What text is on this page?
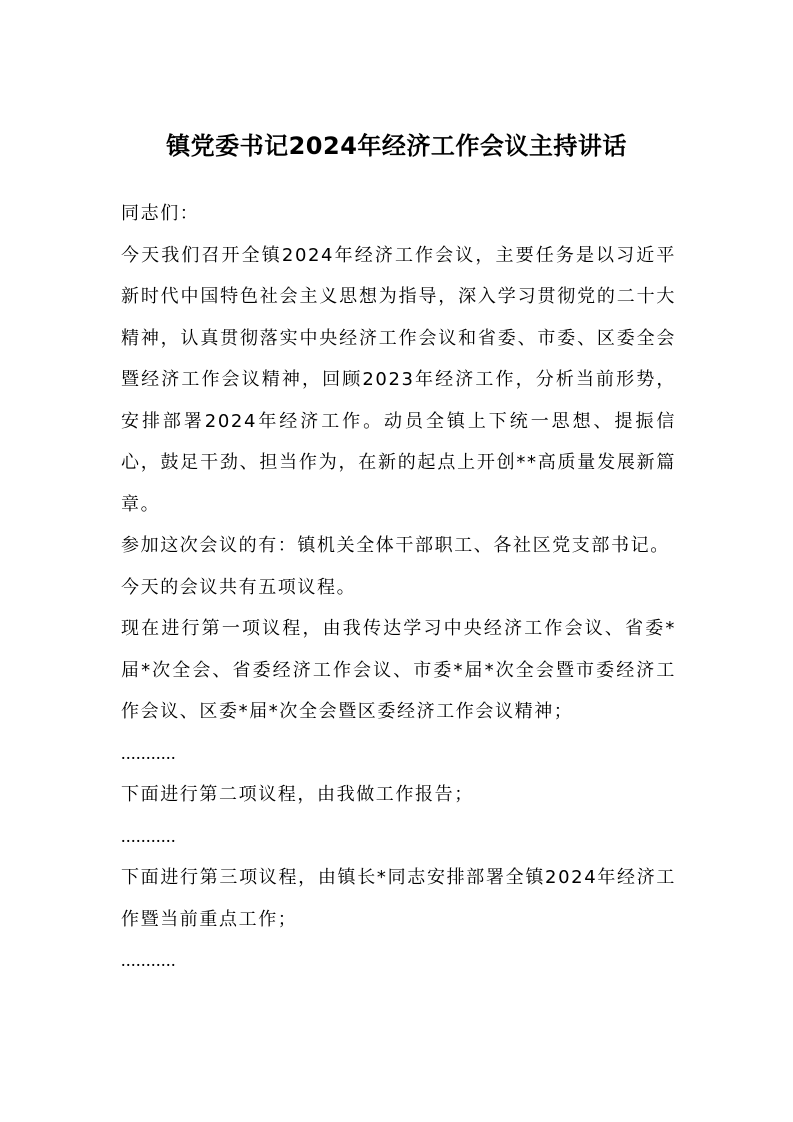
镇党委书记2024年经济工作会议主持讲话

同志们：

今天我们召开全镇2024年经济工作会议，主要任务是以习近平新时代中国特色社会主义思想为指导，深入学习贯彻党的二十大精神，认真贯彻落实中央经济工作会议和省委、市委、区委全会暨经济工作会议精神，回顾2023年经济工作，分析当前形势，安排部署2024年经济工作。动员全镇上下统一思想、提振信心，鼓足干劲、担当作为，在新的起点上开创**高质量发展新篇章。

参加这次会议的有：镇机关全体干部职工、各社区党支部书记。

今天的会议共有五项议程。

现在进行第一项议程，由我传达学习中央经济工作会议、省委*届*次全会、省委经济工作会议、市委*届*次全会暨市委经济工作会议、区委*届*次全会暨区委经济工作会议精神；

...........

下面进行第二项议程，由我做工作报告；

...........

下面进行第三项议程，由镇长*同志安排部署全镇2024年经济工作暨当前重点工作；

...........
